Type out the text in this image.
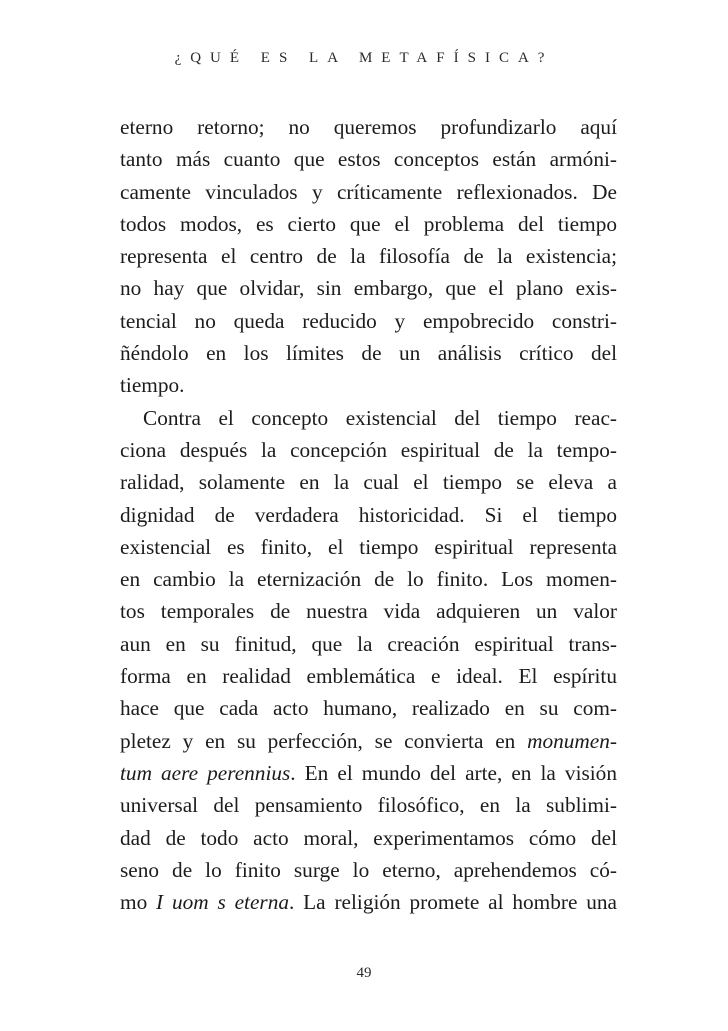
¿QUÉ ES LA METAFÍSICA?
eterno retorno; no queremos profundizarlo aquí
tanto más cuanto que estos conceptos están armóni-
camente vinculados y críticamente reflexionados. De
todos modos, es cierto que el problema del tiempo
representa el centro de la filosofía de la existencia;
no hay que olvidar, sin embargo, que el plano exis-
tencial no queda reducido y empobrecido constri-
ñéndolo en los límites de un análisis crítico del
tiempo.
Contra el concepto existencial del tiempo reac-
ciona después la concepción espiritual de la tempo-
ralidad, solamente en la cual el tiempo se eleva a
dignidad de verdadera historicidad. Si el tiempo
existencial es finito, el tiempo espiritual representa
en cambio la eternización de lo finito. Los momen-
tos temporales de nuestra vida adquieren un valor
aun en su finitud, que la creación espiritual trans-
forma en realidad emblemática e ideal. El espíritu
hace que cada acto humano, realizado en su com-
pletez y en su perfección, se convierta en monumen-
tum aere perennius. En el mundo del arte, en la visión
universal del pensamiento filosófico, en la sublimi-
dad de todo acto moral, experimentamos cómo del
seno de lo finito surge lo eterno, aprehendemos có-
mo I uom s eterna. La religión promete al hombre una
49
